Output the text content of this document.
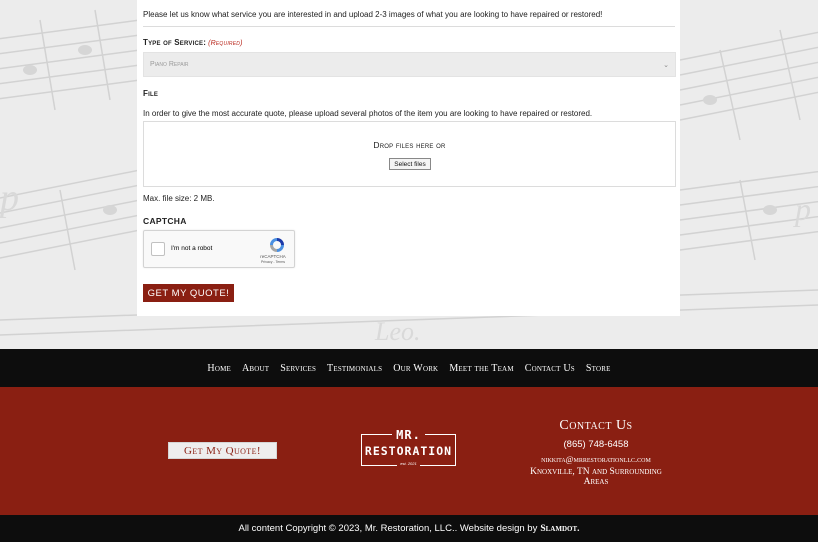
p	p
Leo.
Please let us know what service you are interested in and upload 2-3 images of what you are looking to have repaired or restored!
Type of Service: (Required)
Piano Repair	⌄
File
In order to give the most accurate quote, please upload several photos of the item you are looking to have repaired or restored.
Drop files here or
Select files
Max. file size: 2 MB.
CAPTCHA
I'm not a robot
reCAPTCHA
Privacy - Terms
GET MY QUOTE!
Home About Services Testimonials Our Work Meet the Team Contact Us Store
Get My Quote!
MR.
RESTORATION
est. 2021
Contact Us
(865) 748-6458
nikkita@mrrestorationllc.com
Knoxville, TN and Surrounding Areas
All content Copyright © 2023, Mr. Restoration, LLC.. Website design by Slamdot.
